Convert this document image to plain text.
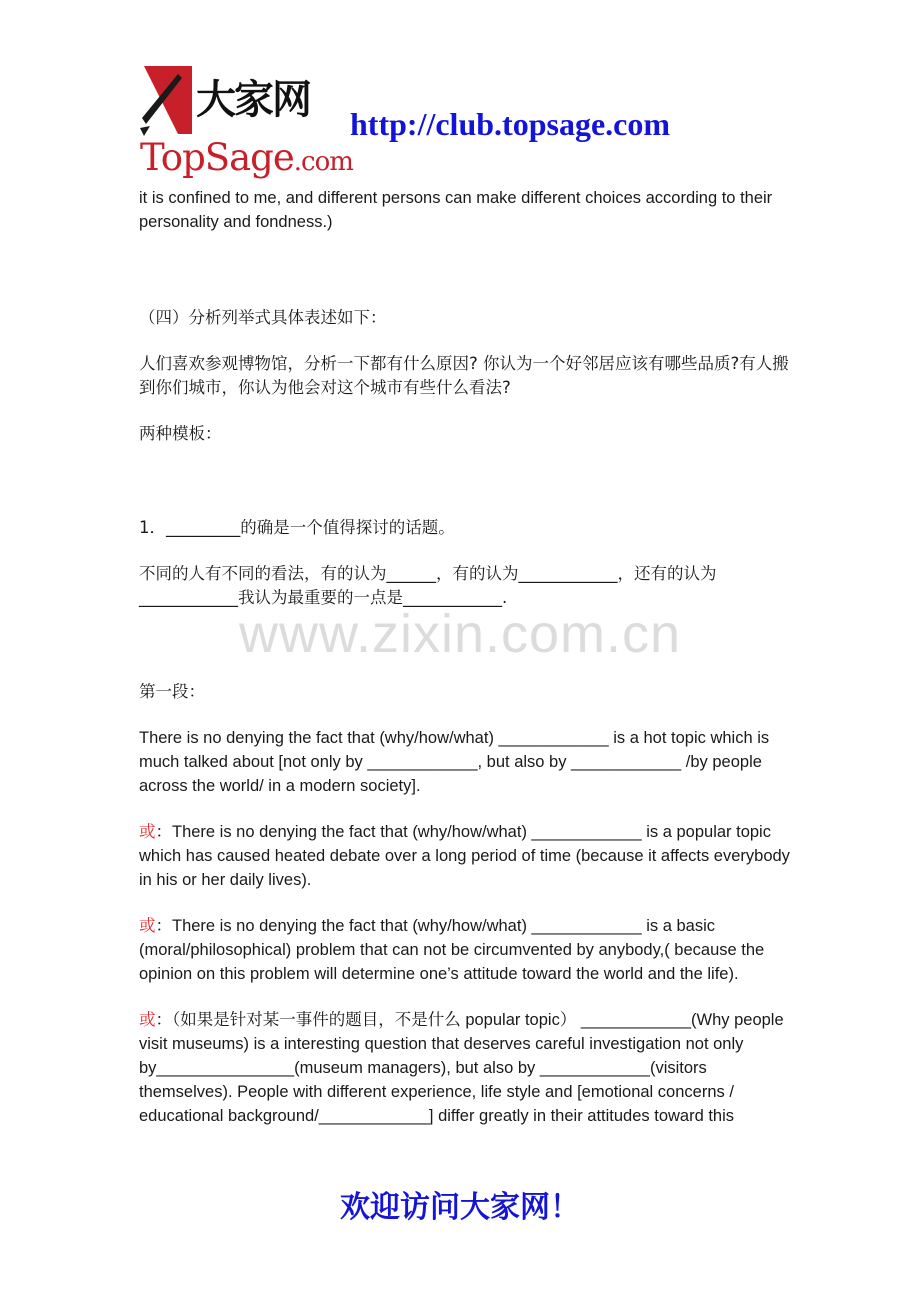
大家网
TopSage.com
http://club.topsage.com

it is confined to me, and different persons can make different choices according to their personality and fondness.)

（四）分析列举式具体表述如下：

人们喜欢参观博物馆，分析一下都有什么原因? 你认为一个好邻居应该有哪些品质?有人搬到你们城市，你认为他会对这个城市有些什么看法?

两种模板：

1．_________的确是一个值得探讨的话题。

不同的人有不同的看法，有的认为______，有的认为____________，还有的认为____________我认为最重要的一点是____________.

第一段：

There is no denying the fact that (why/how/what) ____________ is a hot topic which is much talked about [not only by ____________, but also by ____________ /by people across the world/ in a modern society].

或：There is no denying the fact that (why/how/what) ____________ is a popular topic which has caused heated debate over a long period of time (because it affects everybody in his or her daily lives).

或：There is no denying the fact that (why/how/what) ____________ is a basic (moral/philosophical) problem that can not be circumvented by anybody,( because the opinion on this problem will determine one’s attitude toward the world and the life).

或：（如果是针对某一事件的题目，不是什么 popular topic） ____________(Why people visit museums) is a interesting question that deserves careful investigation not only by_______________(museum managers), but also by ____________(visitors themselves). People with different experience, life style and [emotional concerns / educational background/____________] differ greatly in their attitudes toward this

www.zixin.com.cn
欢迎访问大家网！
